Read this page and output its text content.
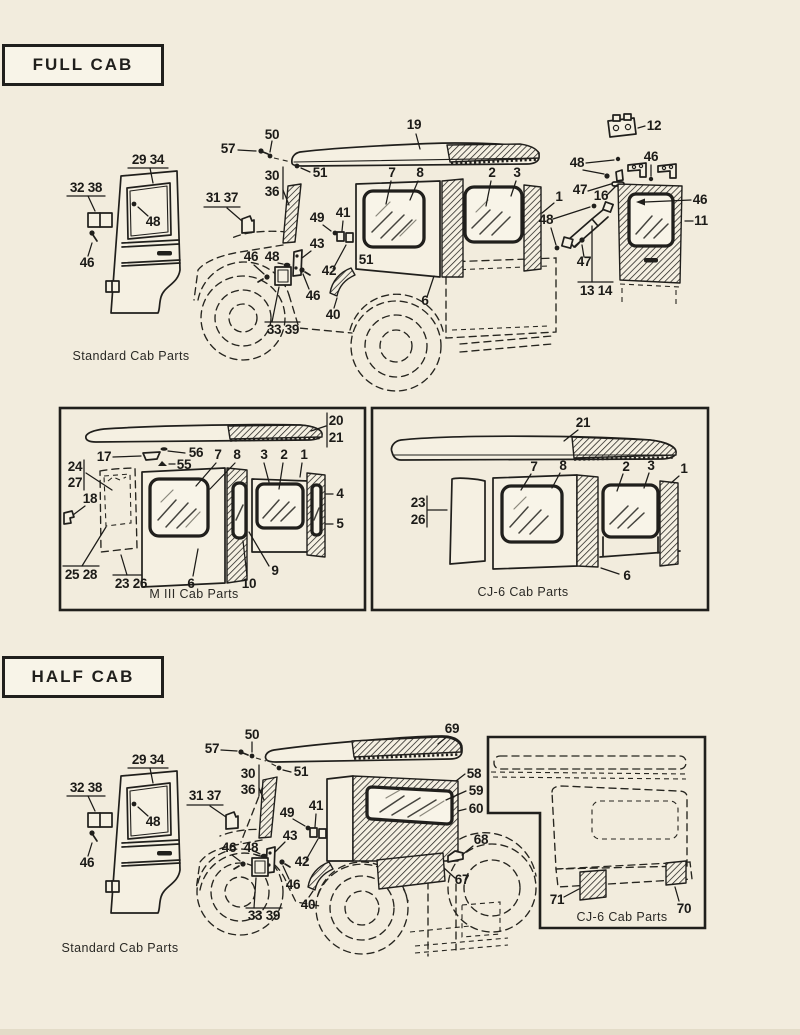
FULL CAB
HALF CAB
29 34
32 38
48
46
Standard Cab Parts
57
50
51
30
36
19
31 37
49 41
43
46 48
42
46
40
33 39
51
7 8	2 3
1
6
48
12
48	46
47 16
47
13 14
46
11
20
21
17	56
55
24
27
18
25 28
23 26
7 8 3 2 1
4
5
6	10
9
M III Cab Parts
21
23
26
7 8	2 3 1
6
CJ-6 Cab Parts
29 34
32 38
48
46
Standard Cab Parts
57
50
51
30
36
31 37
69
58
59
60
49 41
43
46 48
42
46
40
33 39
68
67
71
70
CJ-6 Cab Parts
